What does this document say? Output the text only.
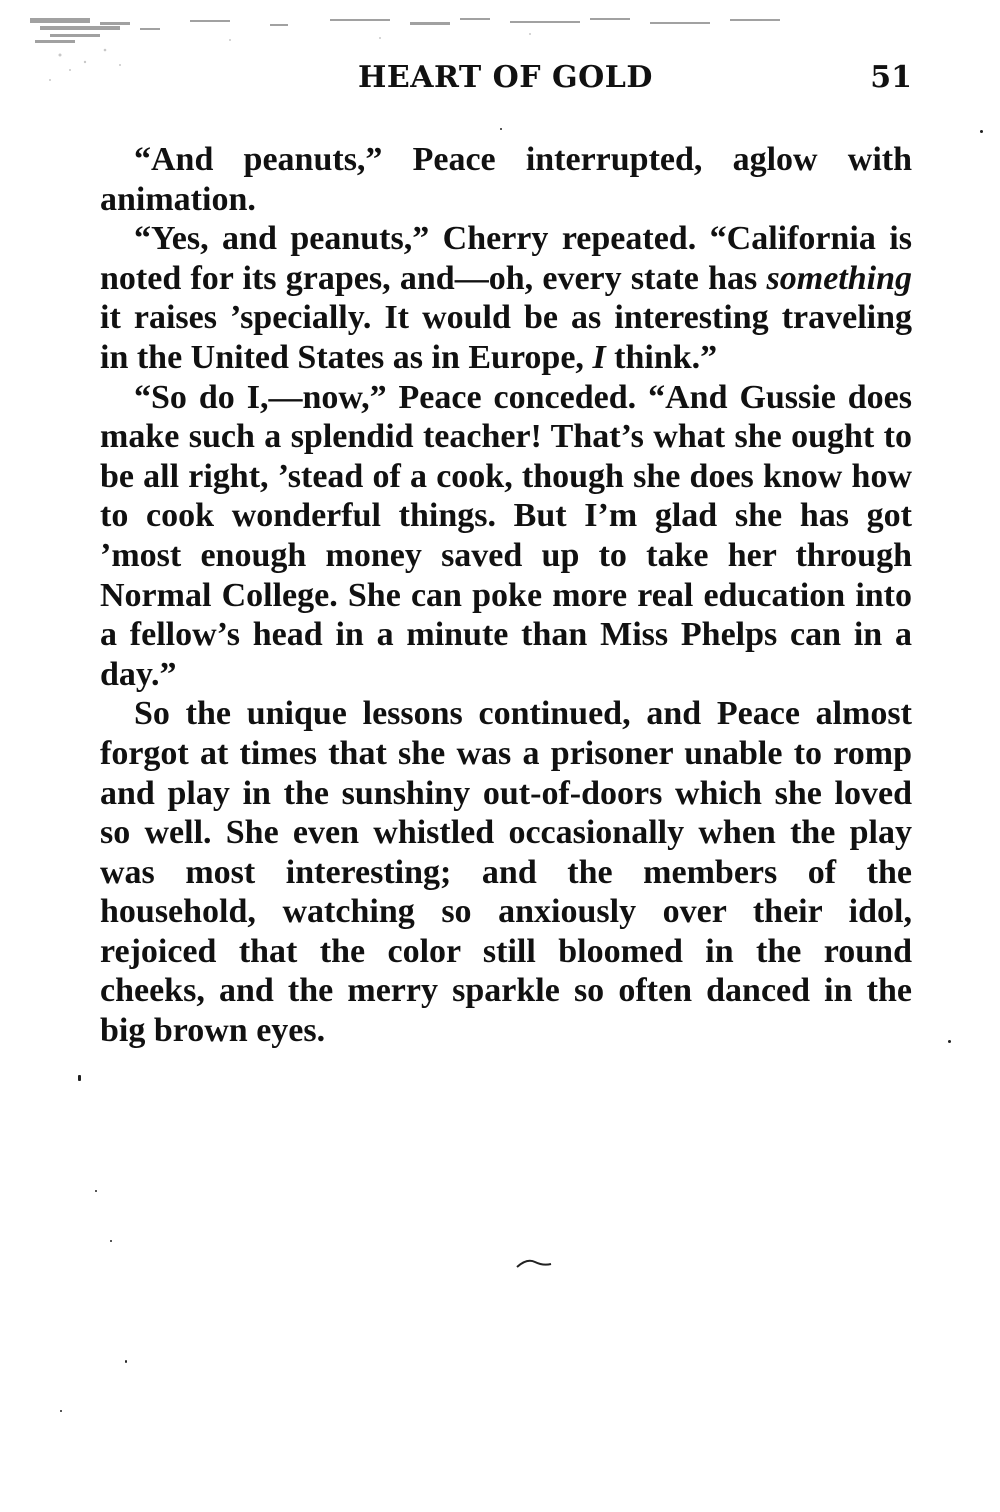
HEART OF GOLD	51

“And peanuts,” Peace interrupted, aglow with animation.

“Yes, and peanuts,” Cherry repeated. “California is noted for its grapes, and—oh, every state has something it raises ’specially. It would be as interesting traveling in the United States as in Europe, I think.”

“So do I,—now,” Peace conceded. “And Gussie does make such a splendid teacher! That’s what she ought to be all right, ’stead of a cook, though she does know how to cook wonderful things. But I’m glad she has got ’most enough money saved up to take her through Normal College. She can poke more real education into a fellow’s head in a minute than Miss Phelps can in a day.”

So the unique lessons continued, and Peace almost forgot at times that she was a prisoner unable to romp and play in the sunshiny out-of-doors which she loved so well. She even whistled occasionally when the play was most interesting; and the members of the household, watching so anxiously over their idol, rejoiced that the color still bloomed in the round cheeks, and the merry sparkle so often danced in the big brown eyes.
